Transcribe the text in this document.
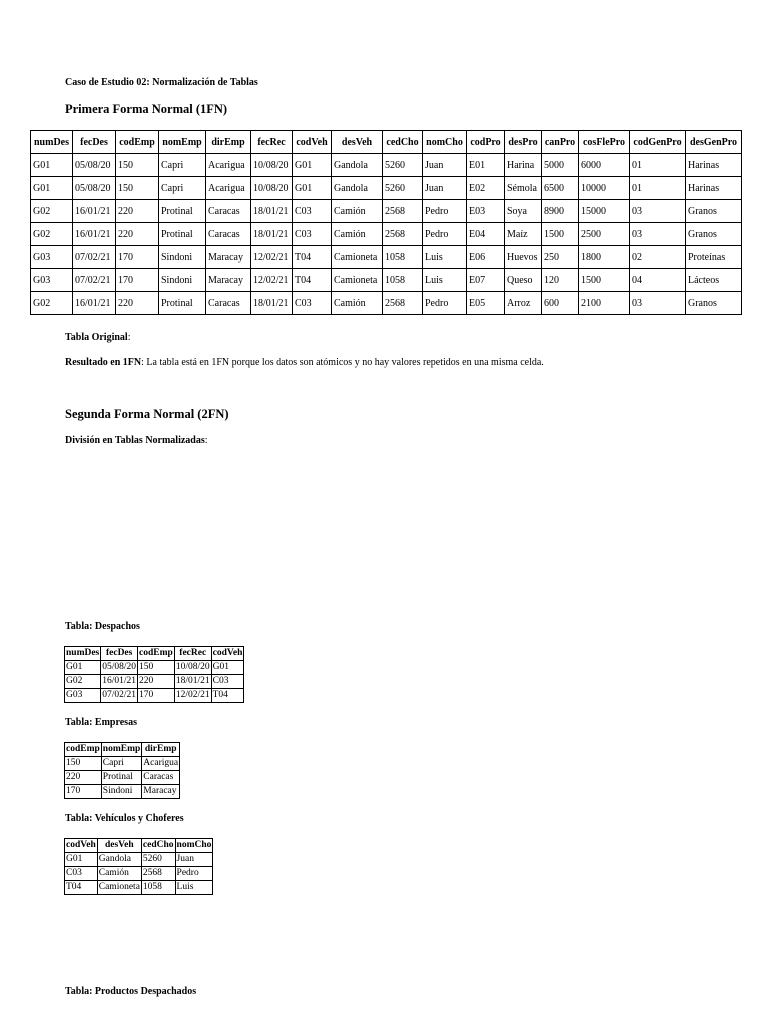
Caso de Estudio 02: Normalización de Tablas
Primera Forma Normal (1FN)
numDes	fecDes	codEmp	nomEmp	dirEmp	fecRec	codVeh	desVeh	cedCho	nomCho	codPro	desPro	canPro	cosFlePro	codGenPro	desGenPro
G01	05/08/20	150	Capri	Acarigua	10/08/20	G01	Gandola	5260	Juan	E01	Harina	5000	6000	01	Harinas
G01	05/08/20	150	Capri	Acarigua	10/08/20	G01	Gandola	5260	Juan	E02	Sémola	6500	10000	01	Harinas
G02	16/01/21	220	Protinal	Caracas	18/01/21	C03	Camión	2568	Pedro	E03	Soya	8900	15000	03	Granos
G02	16/01/21	220	Protinal	Caracas	18/01/21	C03	Camión	2568	Pedro	E04	Maíz	1500	2500	03	Granos
G03	07/02/21	170	Sindoni	Maracay	12/02/21	T04	Camioneta	1058	Luis	E06	Huevos	250	1800	02	Proteínas
G03	07/02/21	170	Sindoni	Maracay	12/02/21	T04	Camioneta	1058	Luis	E07	Queso	120	1500	04	Lácteos
G02	16/01/21	220	Protinal	Caracas	18/01/21	C03	Camión	2568	Pedro	E05	Arroz	600	2100	03	Granos
Tabla Original:
Resultado en 1FN: La tabla está en 1FN porque los datos son atómicos y no hay valores repetidos en una misma celda.
Segunda Forma Normal (2FN)
División en Tablas Normalizadas:
Tabla: Despachos
numDes	fecDes	codEmp	fecRec	codVeh
G01	05/08/20	150	10/08/20	G01
G02	16/01/21	220	18/01/21	C03
G03	07/02/21	170	12/02/21	T04
Tabla: Empresas
codEmp	nomEmp	dirEmp
150	Capri	Acarigua
220	Protinal	Caracas
170	Sindoni	Maracay
Tabla: Vehículos y Choferes
codVeh	desVeh	cedCho	nomCho
G01	Gandola	5260	Juan
C03	Camión	2568	Pedro
T04	Camioneta	1058	Luis
Tabla: Productos Despachados
